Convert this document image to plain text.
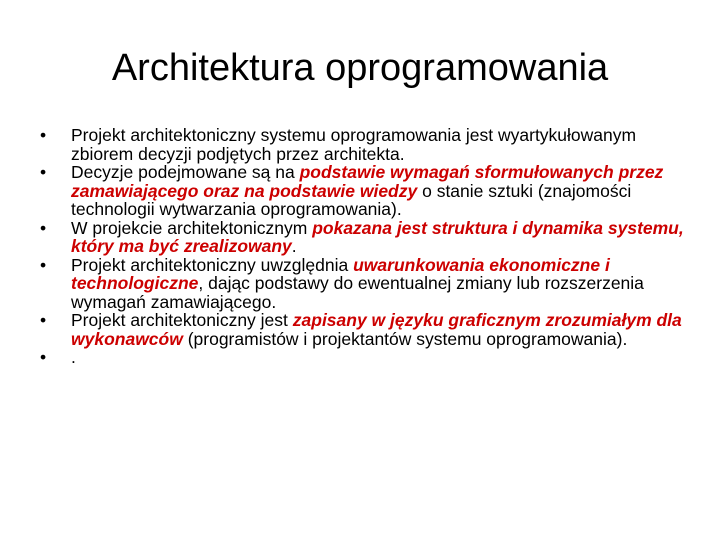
Architektura oprogramowania
•	Projekt architektoniczny systemu oprogramowania jest wyartykułowanym zbiorem decyzji podjętych przez architekta.
•	Decyzje podejmowane są na podstawie wymagań sformułowanych przez zamawiającego oraz na podstawie wiedzy o stanie sztuki (znajomości technologii wytwarzania oprogramowania).
•	W projekcie architektonicznym pokazana jest struktura i dynamika systemu, który ma być zrealizowany.
•	Projekt architektoniczny uwzględnia uwarunkowania ekonomiczne i technologiczne, dając podstawy do ewentualnej zmiany lub rozszerzenia wymagań zamawiającego.
•	Projekt architektoniczny jest zapisany w języku graficznym zrozumiałym dla wykonawców (programistów i projektantów systemu oprogramowania).
•	.
